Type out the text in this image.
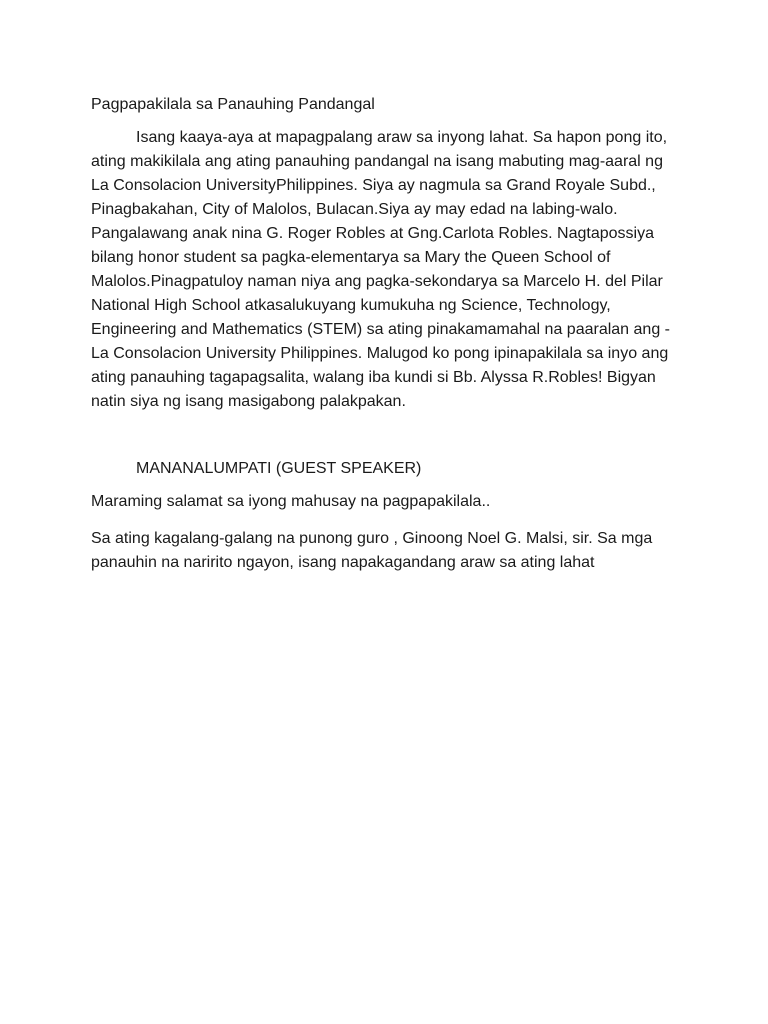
Pagpapakilala sa Panauhing Pandangal

Isang kaaya-aya at mapagpalang araw sa inyong lahat. Sa hapon pong ito,
ating makikilala ang ating panauhing pandangal na isang mabuting mag-aaral ng
La Consolacion UniversityPhilippines. Siya ay nagmula sa Grand Royale Subd.,
Pinagbakahan, City of Malolos, Bulacan.Siya ay may edad na labing-walo.
Pangalawang anak nina G. Roger Robles at Gng.Carlota Robles. Nagtapossiya
bilang honor student sa pagka-elementarya sa Mary the Queen School of
Malolos.Pinagpatuloy naman niya ang pagka-sekondarya sa Marcelo H. del Pilar
National High School atkasalukuyang kumukuha ng Science, Technology,
Engineering and Mathematics (STEM) sa ating pinakamamahal na paaralan ang -
La Consolacion University Philippines. Malugod ko pong ipinapakilala sa inyo ang
ating panauhing tagapagsalita, walang iba kundi si Bb. Alyssa R.Robles! Bigyan
natin siya ng isang masigabong palakpakan.

MANANALUMPATI (GUEST SPEAKER)

Maraming salamat sa iyong mahusay na pagpapakilala..

Sa ating kagalang-galang na punong guro , Ginoong Noel G. Malsi, sir. Sa mga
panauhin na naririto ngayon, isang napakagandang araw sa ating lahat
